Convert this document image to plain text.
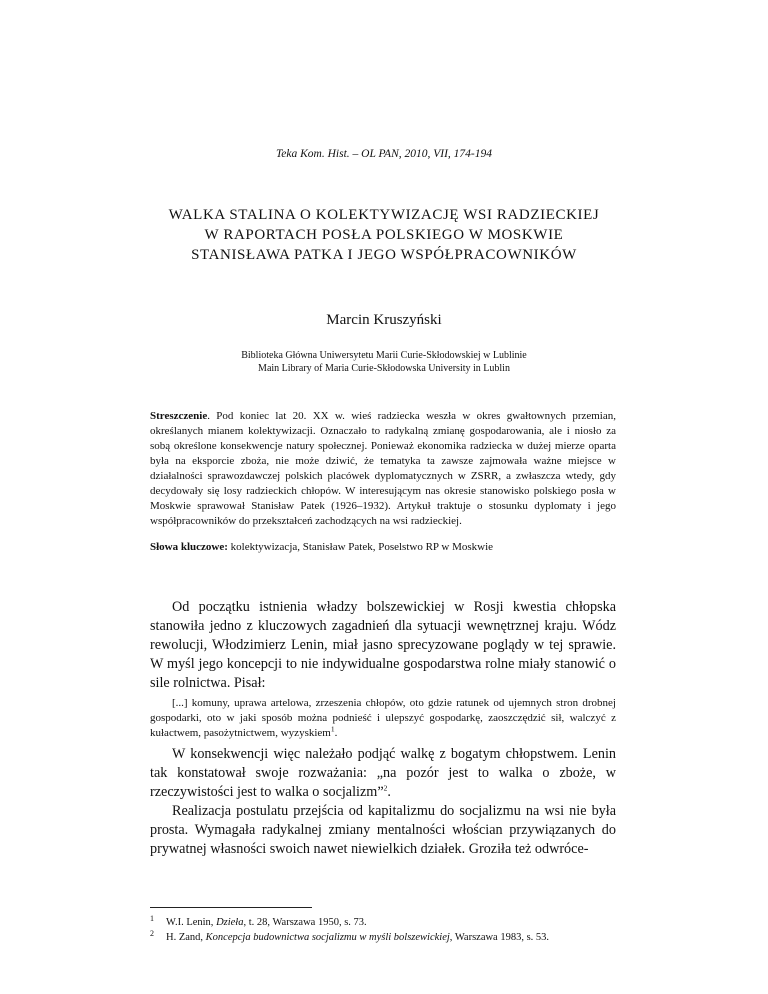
Teka Kom. Hist. – OL PAN, 2010, VII, 174-194
WALKA STALINA O KOLEKTYWIZACJĘ WSI RADZIECKIEJ
W RAPORTACH POSŁA POLSKIEGO W MOSKWIE
STANISŁAWA PATKA I JEGO WSPÓŁPRACOWNIKÓW
Marcin Kruszyński
Biblioteka Główna Uniwersytetu Marii Curie-Skłodowskiej w Lublinie
Main Library of Maria Curie-Skłodowska University in Lublin
Streszczenie. Pod koniec lat 20. XX w. wieś radziecka weszła w okres gwałtownych przemian, określanych mianem kolektywizacji. Oznaczało to radykalną zmianę gospodarowania, ale i niosło za sobą określone konsekwencje natury społecznej. Ponieważ ekonomika radziecka w dużej mierze oparta była na eksporcie zboża, nie może dziwić, że tematyka ta zawsze zajmowała ważne miejsce w działalności sprawozdawczej polskich placówek dyplomatycznych w ZSRR, a zwłaszcza wtedy, gdy decydowały się losy radzieckich chłopów. W interesującym nas okresie stanowisko polskiego posła w Moskwie sprawował Stanisław Patek (1926–1932). Artykuł traktuje o stosunku dyplomaty i jego współpracowników do przekształceń zachodzących na wsi radzieckiej.
Słowa kluczowe: kolektywizacja, Stanisław Patek, Poselstwo RP w Moskwie

Od początku istnienia władzy bolszewickiej w Rosji kwestia chłopska stanowiła jedno z kluczowych zagadnień dla sytuacji wewnętrznej kraju. Wódz rewolucji, Włodzimierz Lenin, miał jasno sprecyzowane poglądy w tej sprawie. W myśl jego koncepcji to nie indywidualne gospodarstwa rolne miały stanowić o sile rolnictwa. Pisał:

[...] komuny, uprawa artelowa, zrzeszenia chłopów, oto gdzie ratunek od ujemnych stron drobnej gospodarki, oto w jaki sposób można podnieść i ulepszyć gospodarkę, zaoszczędzić sił, walczyć z kułactwem, pasożytnictwem, wyzyskiem$^1$.

W konsekwencji więc należało podjąć walkę z bogatym chłopstwem. Lenin tak konstatował swoje rozważania: „na pozór jest to walka o zboże, w rzeczywistości jest to walka o socjalizm”$^2$.

Realizacja postulatu przejścia od kapitalizmu do socjalizmu na wsi nie była prosta. Wymagała radykalnej zmiany mentalności włościan przywiązanych do prywatnej własności swoich nawet niewielkich działek. Groziła też odwróce-

1 W.I. Lenin, Dzieła, t. 28, Warszawa 1950, s. 73.
2 H. Zand, Koncepcja budownictwa socjalizmu w myśli bolszewickiej, Warszawa 1983, s. 53.
